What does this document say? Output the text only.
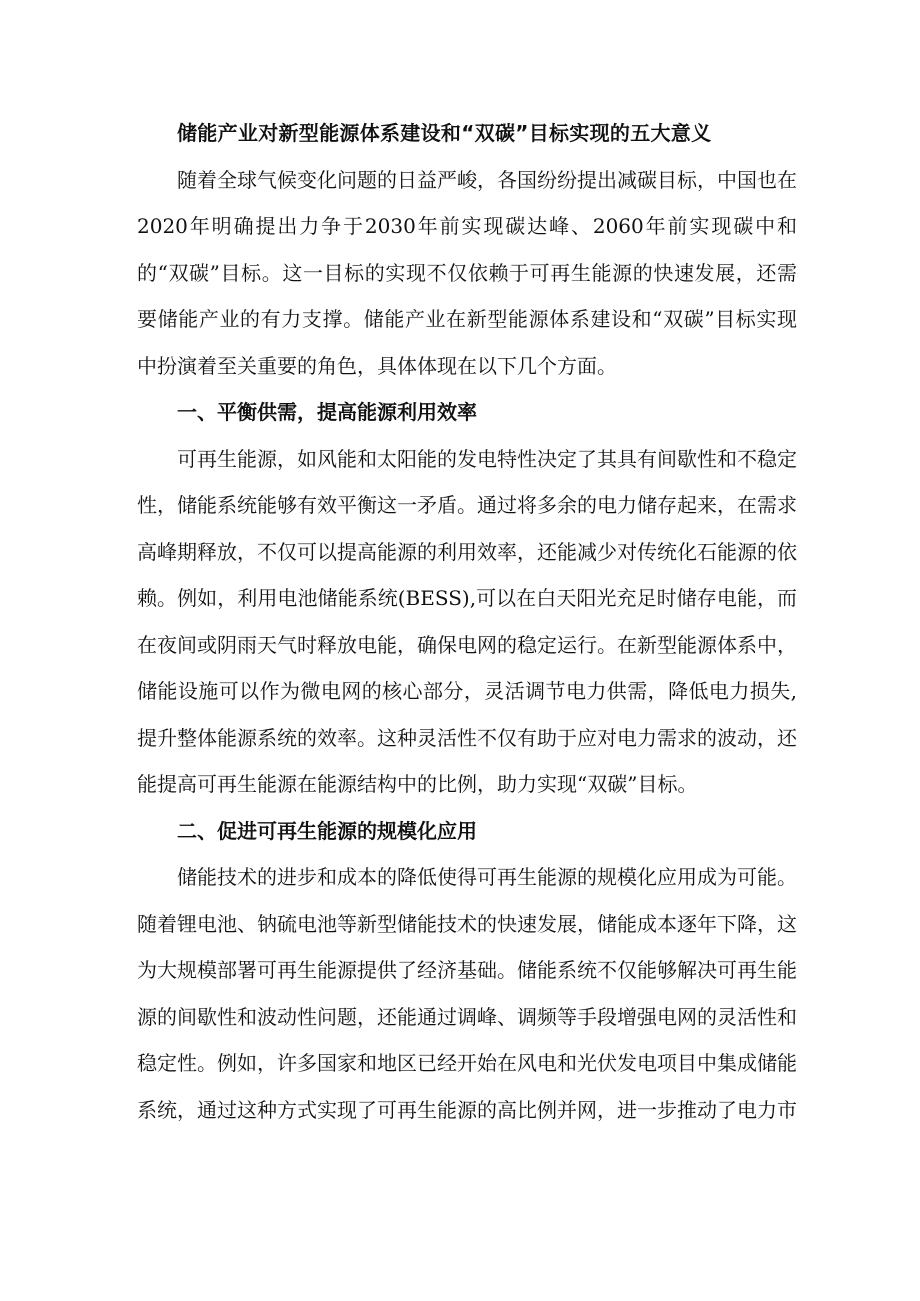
储能产业对新型能源体系建设和“双碳”目标实现的五大意义

随着全球气候变化问题的日益严峻，各国纷纷提出减碳目标，中国也在2020年明确提出力争于2030年前实现碳达峰、2060年前实现碳中和的“双碳”目标。这一目标的实现不仅依赖于可再生能源的快速发展，还需要储能产业的有力支撑。储能产业在新型能源体系建设和“双碳”目标实现中扮演着至关重要的角色，具体体现在以下几个方面。

一、平衡供需，提高能源利用效率

可再生能源，如风能和太阳能的发电特性决定了其具有间歇性和不稳定性，储能系统能够有效平衡这一矛盾。通过将多余的电力储存起来，在需求高峰期释放，不仅可以提高能源的利用效率，还能减少对传统化石能源的依赖。例如，利用电池储能系统(BESS),可以在白天阳光充足时储存电能，而在夜间或阴雨天气时释放电能，确保电网的稳定运行。在新型能源体系中，储能设施可以作为微电网的核心部分，灵活调节电力供需，降低电力损失,提升整体能源系统的效率。这种灵活性不仅有助于应对电力需求的波动，还能提高可再生能源在能源结构中的比例，助力实现“双碳”目标。

二、促进可再生能源的规模化应用

储能技术的进步和成本的降低使得可再生能源的规模化应用成为可能。随着锂电池、钠硫电池等新型储能技术的快速发展，储能成本逐年下降，这为大规模部署可再生能源提供了经济基础。储能系统不仅能够解决可再生能源的间歇性和波动性问题，还能通过调峰、调频等手段增强电网的灵活性和稳定性。例如，许多国家和地区已经开始在风电和光伏发电项目中集成储能系统，通过这种方式实现了可再生能源的高比例并网，进一步推动了电力市
